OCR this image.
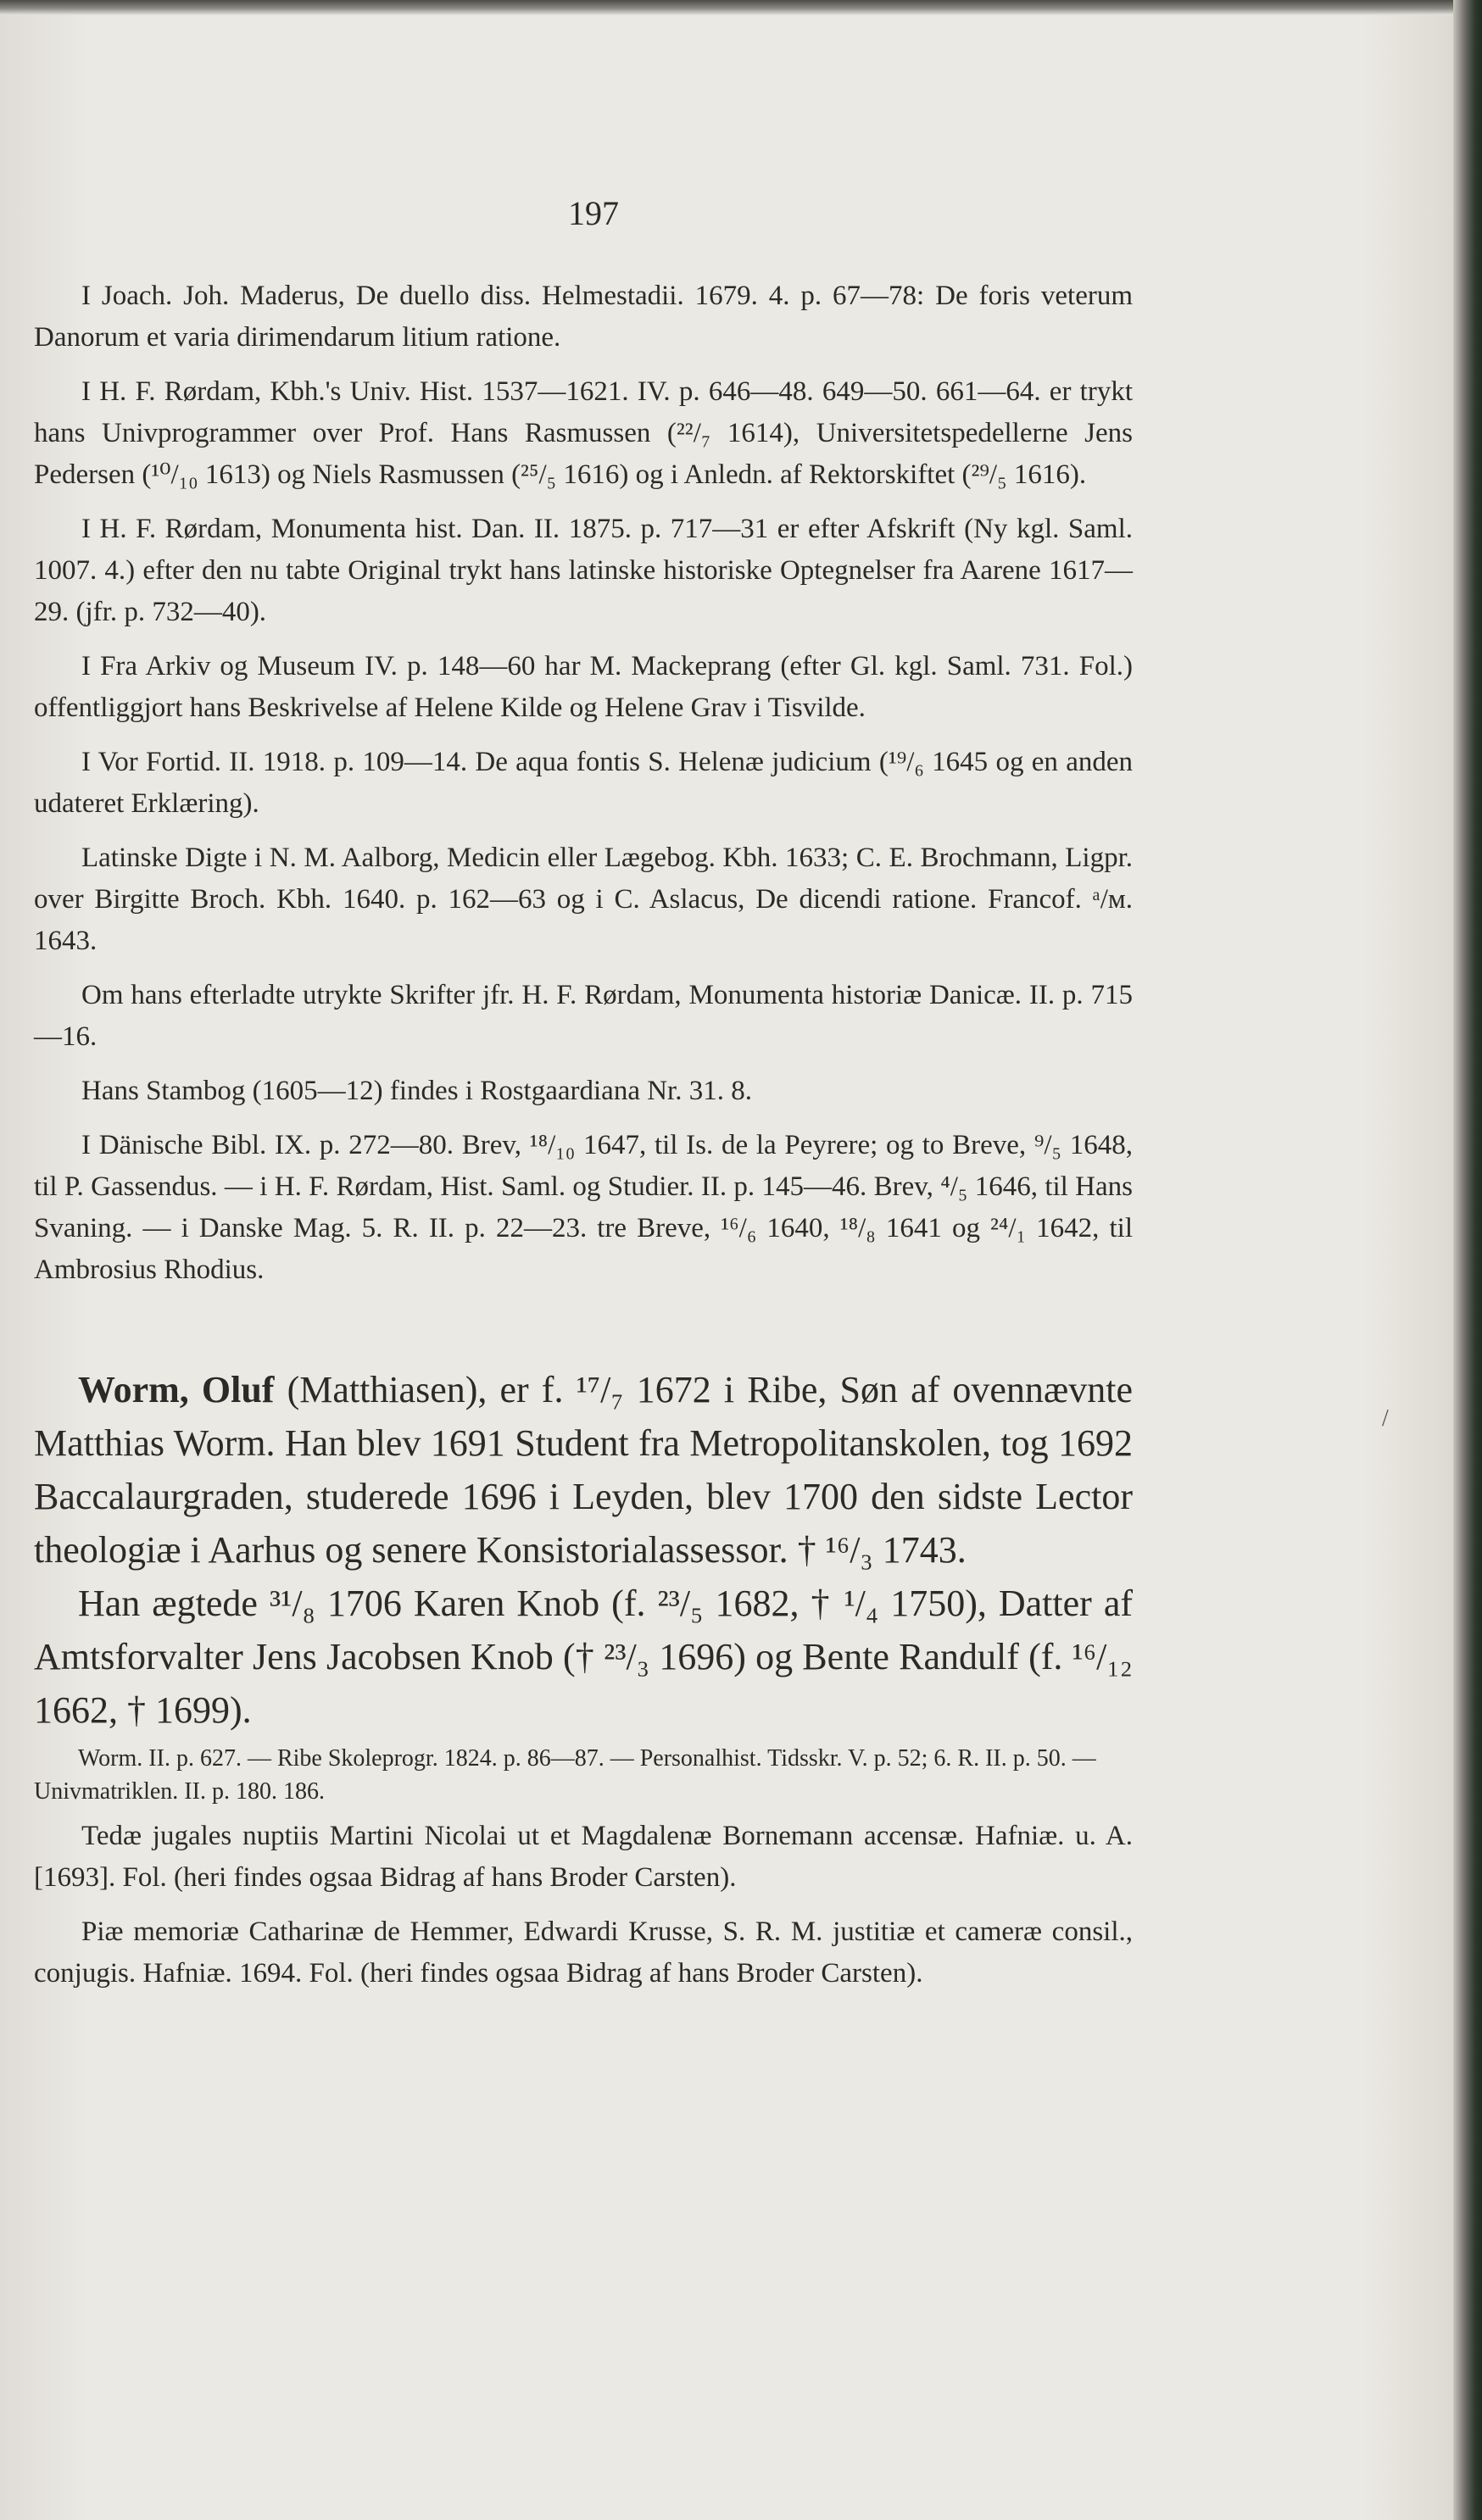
197

I Joach. Joh. Maderus, De duello diss. Helmestadii. 1679. 4. p. 67—78: De foris veterum Danorum et varia dirimendarum litium ratione.

I H. F. Rørdam, Kbh.'s Univ. Hist. 1537—1621. IV. p. 646—48. 649—50. 661—64. er trykt hans Univprogrammer over Prof. Hans Rasmussen (²²/₇ 1614), Universitetspedellerne Jens Pedersen (¹⁰/₁₀ 1613) og Niels Rasmussen (²⁵/₅ 1616) og i Anledn. af Rektorskiftet (²⁹/₅ 1616).

I H. F. Rørdam, Monumenta hist. Dan. II. 1875. p. 717—31 er efter Afskrift (Ny kgl. Saml. 1007. 4.) efter den nu tabte Original trykt hans latinske historiske Optegnelser fra Aarene 1617—29. (jfr. p. 732—40).

I Fra Arkiv og Museum IV. p. 148—60 har M. Mackeprang (efter Gl. kgl. Saml. 731. Fol.) offentliggjort hans Beskrivelse af Helene Kilde og Helene Grav i Tisvilde.

I Vor Fortid. II. 1918. p. 109—14. De aqua fontis S. Helenæ judicium (¹⁹/₆ 1645 og en anden udateret Erklæring).

Latinske Digte i N. M. Aalborg, Medicin eller Lægebog. Kbh. 1633; C. E. Brochmann, Ligpr. over Birgitte Broch. Kbh. 1640. p. 162—63 og i C. Aslacus, De dicendi ratione. Francof. ᵃ/ᴍ. 1643.

Om hans efterladte utrykte Skrifter jfr. H. F. Rørdam, Monumenta historiæ Danicæ. II. p. 715—16.

Hans Stambog (1605—12) findes i Rostgaardiana Nr. 31. 8.

I Dänische Bibl. IX. p. 272—80. Brev, ¹⁸/₁₀ 1647, til Is. de la Peyrere; og to Breve, ⁹/₅ 1648, til P. Gassendus. — i H. F. Rørdam, Hist. Saml. og Studier. II. p. 145—46. Brev, ⁴/₅ 1646, til Hans Svaning. — i Danske Mag. 5. R. II. p. 22—23. tre Breve, ¹⁶/₆ 1640, ¹⁸/₈ 1641 og ²⁴/₁ 1642, til Ambrosius Rhodius.

Worm, Oluf (Matthiasen), er f. ¹⁷/₇ 1672 i Ribe, Søn af ovennævnte Matthias Worm. Han blev 1691 Student fra Metropolitanskolen, tog 1692 Baccalaurgraden, studerede 1696 i Leyden, blev 1700 den sidste Lector theologiæ i Aarhus og senere Konsistorialassessor. † ¹⁶/₃ 1743.

Han ægtede ³¹/₈ 1706 Karen Knob (f. ²³/₅ 1682, † ¹/₄ 1750), Datter af Amtsforvalter Jens Jacobsen Knob († ²³/₃ 1696) og Bente Randulf (f. ¹⁶/₁₂ 1662, † 1699).

Worm. II. p. 627. — Ribe Skoleprogr. 1824. p. 86—87. — Personalhist. Tidsskr. V. p. 52; 6. R. II. p. 50. — Univmatriklen. II. p. 180. 186.

Tedæ jugales nuptiis Martini Nicolai ut et Magdalenæ Bornemann accensæ. Hafniæ. u. A. [1693]. Fol. (heri findes ogsaa Bidrag af hans Broder Carsten).

Piæ memoriæ Catharinæ de Hemmer, Edwardi Krusse, S. R. M. justitiæ et cameræ consil., conjugis. Hafniæ. 1694. Fol. (heri findes ogsaa Bidrag af hans Broder Carsten).

/
